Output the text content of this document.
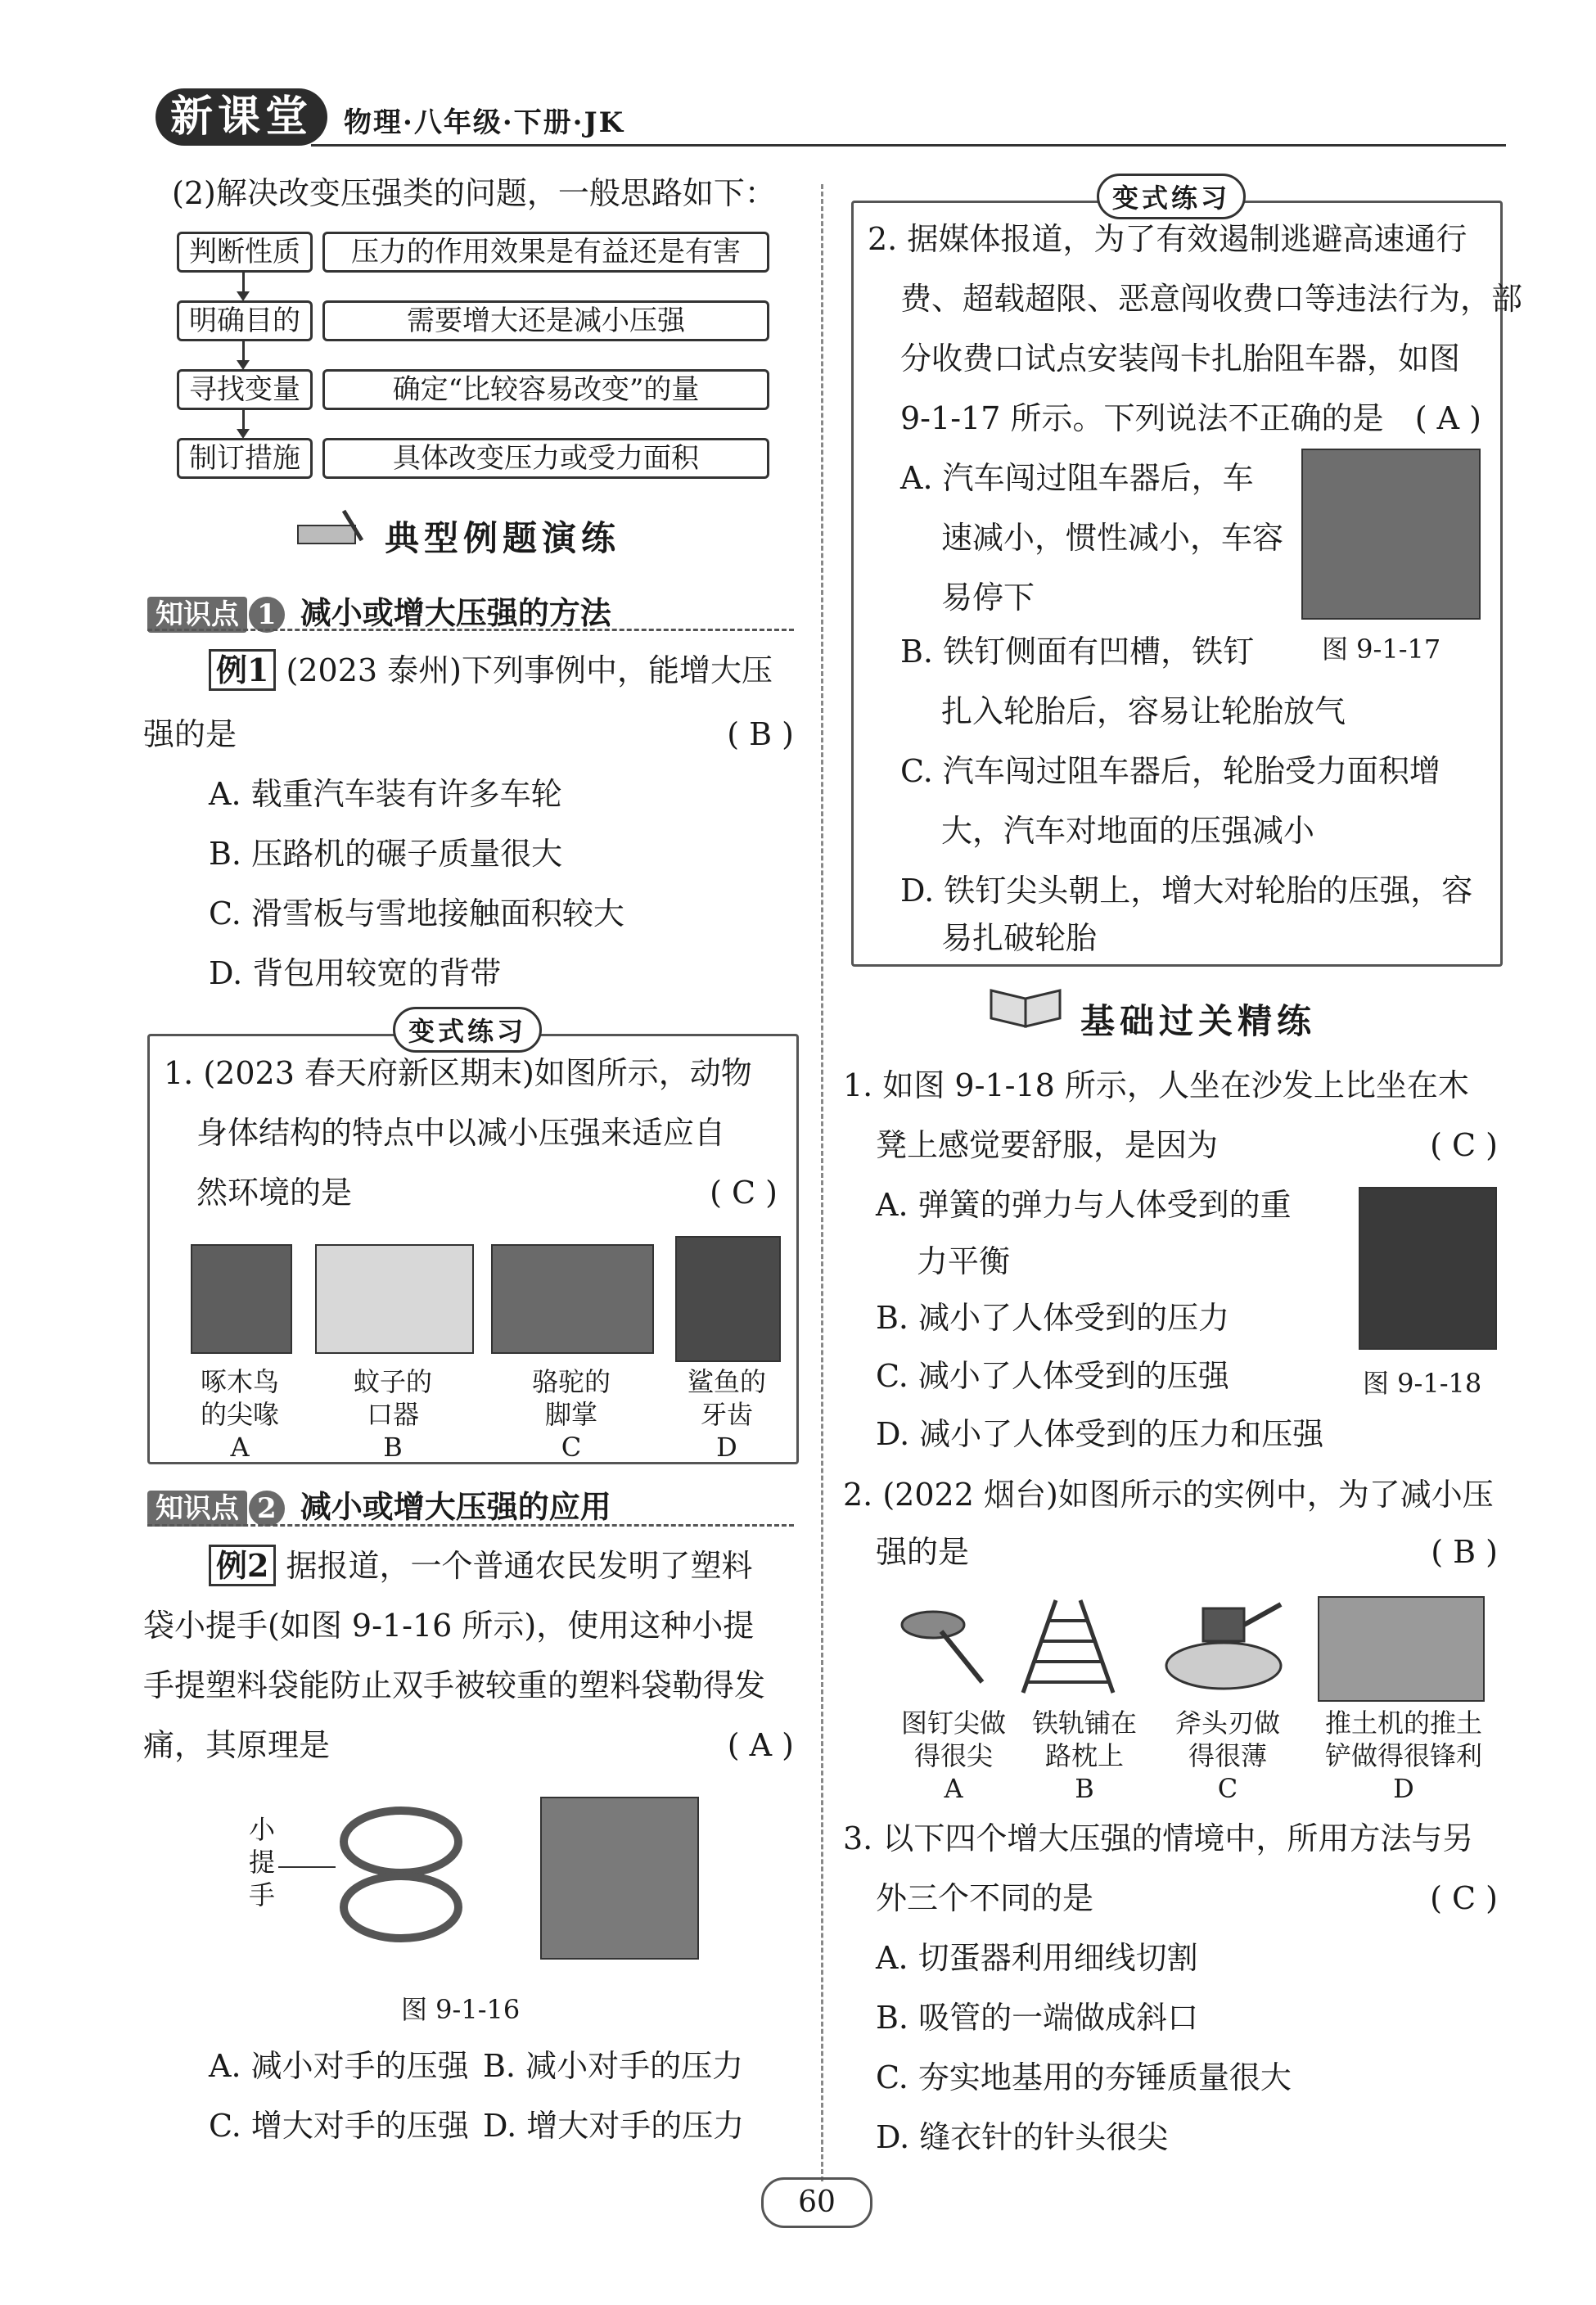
新课堂	物理·八年级·下册·JK
(2)解决改变压强类的问题，一般思路如下：
判断性质	压力的作用效果是有益还是有害
明确目的	需要增大还是减小压强
寻找变量	确定“比较容易改变”的量
制订措施	具体改变压力或受力面积
典型例题演练
知识点 1 减小或增大压强的方法
例1 (2023 泰州)下列事例中，能增大压
强的是	( B )
A. 载重汽车装有许多车轮
B. 压路机的碾子质量很大
C. 滑雪板与雪地接触面积较大
D. 背包用较宽的背带
变式练习
1. (2023 春天府新区期末)如图所示，动物
身体结构的特点中以减小压强来适应自
然环境的是	( C )
啄木鸟
的尖喙
A
蚊子的
口器
B
骆驼的
脚掌
C
鲨鱼的
牙齿
D
知识点 2 减小或增大压强的应用
例2 据报道，一个普通农民发明了塑料
袋小提手(如图 9-1-16 所示)，使用这种小提
手提塑料袋能防止双手被较重的塑料袋勒得发
痛，其原理是	( A )
小提手
图 9-1-16
A. 减小对手的压强 B. 减小对手的压力
C. 增大对手的压强 D. 增大对手的压力
变式练习
2. 据媒体报道，为了有效遏制逃避高速通行
费、超载超限、恶意闯收费口等违法行为，部
分收费口试点安装闯卡扎胎阻车器，如图
9-1-17 所示。下列说法不正确的是 ( A )
A. 汽车闯过阻车器后，车
速减小，惯性减小，车容
易停下
图 9-1-17
B. 铁钉侧面有凹槽，铁钉
扎入轮胎后，容易让轮胎放气
C. 汽车闯过阻车器后，轮胎受力面积增
大，汽车对地面的压强减小
D. 铁钉尖头朝上，增大对轮胎的压强，容
易扎破轮胎
基础过关精练
1. 如图 9-1-18 所示，人坐在沙发上比坐在木
凳上感觉要舒服，是因为	( C )
A. 弹簧的弹力与人体受到的重
力平衡
B. 减小了人体受到的压力
C. 减小了人体受到的压强
D. 减小了人体受到的压力和压强
图 9-1-18
2. (2022 烟台)如图所示的实例中，为了减小压
强的是	( B )
图钉尖做
得很尖
A
铁轨铺在
路枕上
B
斧头刃做
得很薄
C
推土机的推土
铲做得很锋利
D
3. 以下四个增大压强的情境中，所用方法与另
外三个不同的是	( C )
A. 切蛋器利用细线切割
B. 吸管的一端做成斜口
C. 夯实地基用的夯锤质量很大
D. 缝衣针的针头很尖
60
